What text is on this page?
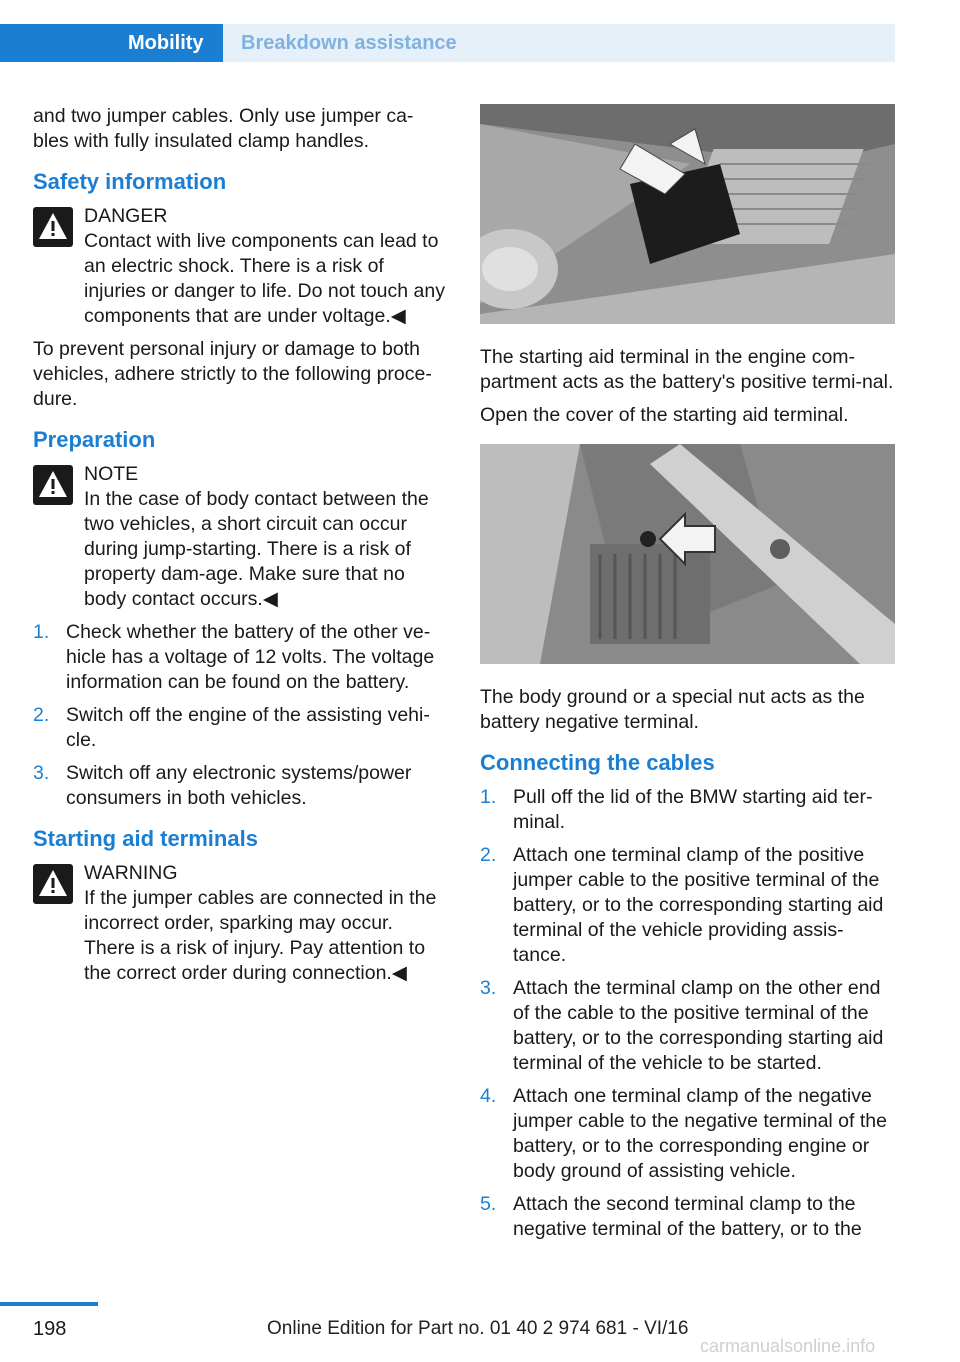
Mobility	Breakdown assistance

and two jumper cables. Only use jumper ca-bles with fully insulated clamp handles.

Safety information
DANGER
Contact with live components can lead to an electric shock. There is a risk of injuries or danger to life. Do not touch any components that are under voltage.◀

To prevent personal injury or damage to both vehicles, adhere strictly to the following proce-dure.

Preparation
NOTE
In the case of body contact between the two vehicles, a short circuit can occur during jump-starting. There is a risk of property dam-age. Make sure that no body contact occurs.◀
1. Check whether the battery of the other ve-hicle has a voltage of 12 volts. The voltage information can be found on the battery.
2. Switch off the engine of the assisting vehi-cle.
3. Switch off any electronic systems/power consumers in both vehicles.
Starting aid terminals
WARNING
If the jumper cables are connected in the incorrect order, sparking may occur. There is a risk of injury. Pay attention to the correct order during connection.◀

The starting aid terminal in the engine com-partment acts as the battery's positive termi-nal.

Open the cover of the starting aid terminal.

The body ground or a special nut acts as the battery negative terminal.

Connecting the cables
1. Pull off the lid of the BMW starting aid ter-minal.
2. Attach one terminal clamp of the positive jumper cable to the positive terminal of the battery, or to the corresponding starting aid terminal of the vehicle providing assis-tance.
3. Attach the terminal clamp on the other end of the cable to the positive terminal of the battery, or to the corresponding starting aid terminal of the vehicle to be started.
4. Attach one terminal clamp of the negative jumper cable to the negative terminal of the battery, or to the corresponding engine or body ground of assisting vehicle.
5. Attach the second terminal clamp to the negative terminal of the battery, or to the
198	Online Edition for Part no. 01 40 2 974 681 - VI/16
carmanualsonline.info
